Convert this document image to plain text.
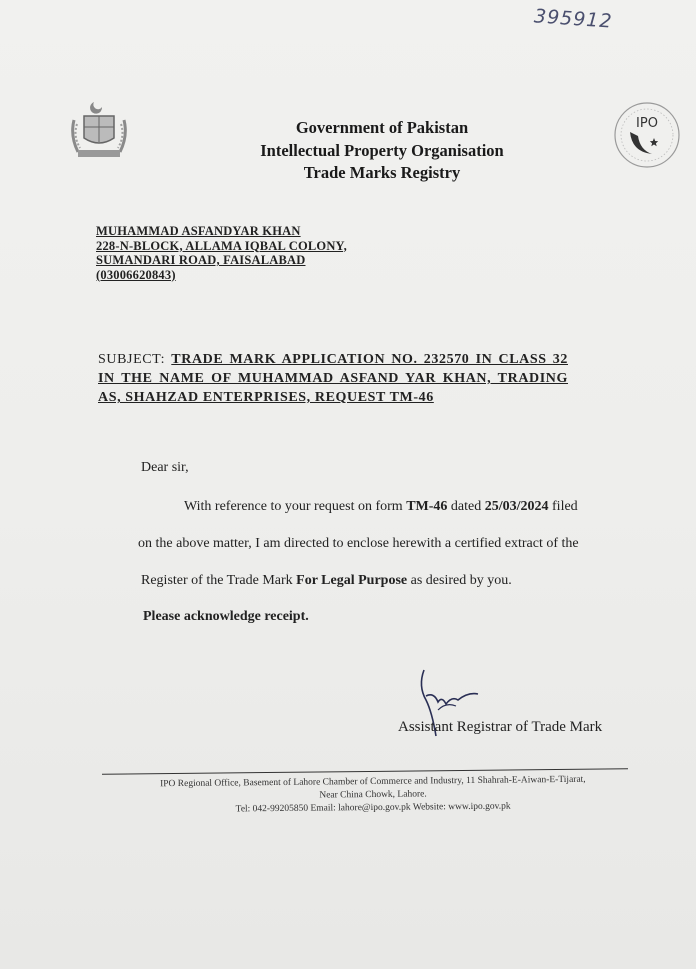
395912
Government of Pakistan
Intellectual Property Organisation
Trade Marks Registry
IPO
MUHAMMAD ASFANDYAR KHAN
228-N-BLOCK, ALLAMA IQBAL COLONY,
SUMANDARI ROAD, FAISALABAD
(03006620843)
SUBJECT: TRADE MARK APPLICATION NO. 232570 IN CLASS 32 IN THE NAME OF MUHAMMAD ASFAND YAR KHAN, TRADING AS, SHAHZAD ENTERPRISES, REQUEST TM-46
Dear sir,
With reference to your request on form TM-46 dated 25/03/2024 filed
on the above matter, I am directed to enclose herewith a certified extract of the
Register of the Trade Mark For Legal Purpose as desired by you.
Please acknowledge receipt.
Assistant Registrar of Trade Mark
IPO Regional Office, Basement of Lahore Chamber of Commerce and Industry, 11 Shahrah-E-Aiwan-E-Tijarat,
Near China Chowk, Lahore.
Tel: 042-99205850 Email: lahore@ipo.gov.pk Website: www.ipo.gov.pk
